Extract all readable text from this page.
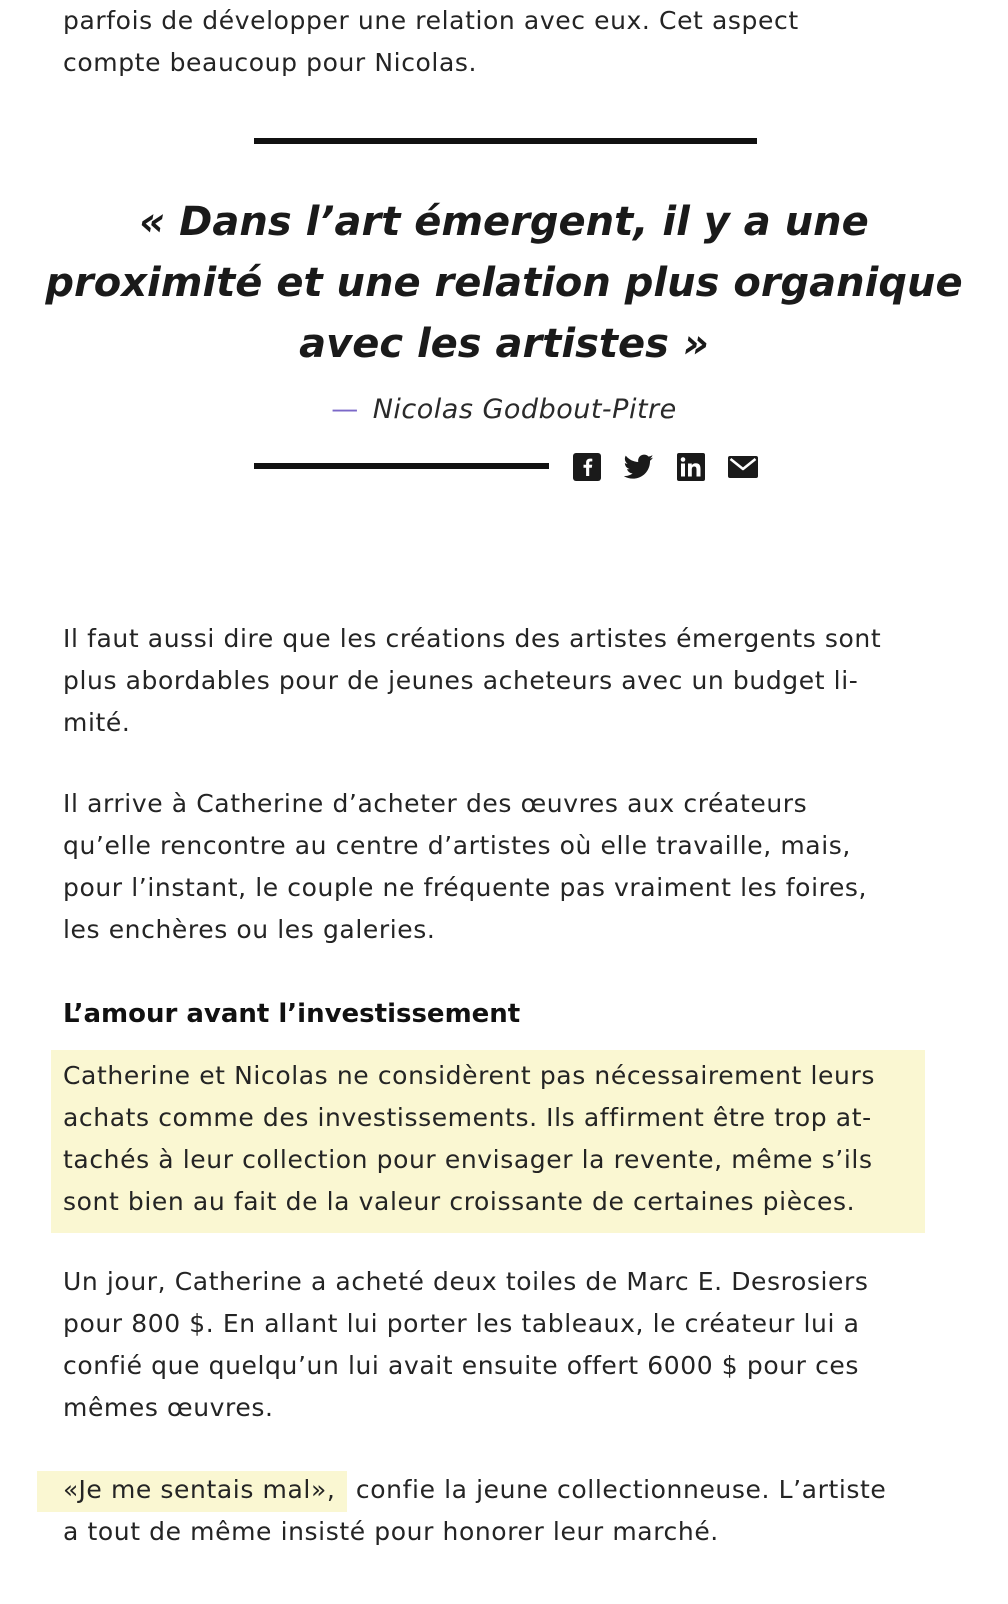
parfois de développer une relation avec eux. Cet aspect

compte beaucoup pour Nicolas.

« Dans l’art émergent, il y a une
proximité et une relation plus organique
avec les artistes »
— Nicolas Godbout-Pitre

Il faut aussi dire que les créations des artistes émergents sont

plus abordables pour de jeunes acheteurs avec un budget li-

mité.

Il arrive à Catherine d’acheter des œuvres aux créateurs

qu’elle rencontre au centre d’artistes où elle travaille, mais,

pour l’instant, le couple ne fréquente pas vraiment les foires,

les enchères ou les galeries.

L’amour avant l’investissement

Catherine et Nicolas ne considèrent pas nécessairement leurs

achats comme des investissements. Ils affirment être trop at-

tachés à leur collection pour envisager la revente, même s’ils

sont bien au fait de la valeur croissante de certaines pièces.

Un jour, Catherine a acheté deux toiles de Marc E. Desrosiers

pour 800 $. En allant lui porter les tableaux, le créateur lui a

confié que quelqu’un lui avait ensuite offert 6000 $ pour ces

mêmes œuvres.

«Je me sentais mal», confie la jeune collectionneuse. L’artiste

a tout de même insisté pour honorer leur marché.
